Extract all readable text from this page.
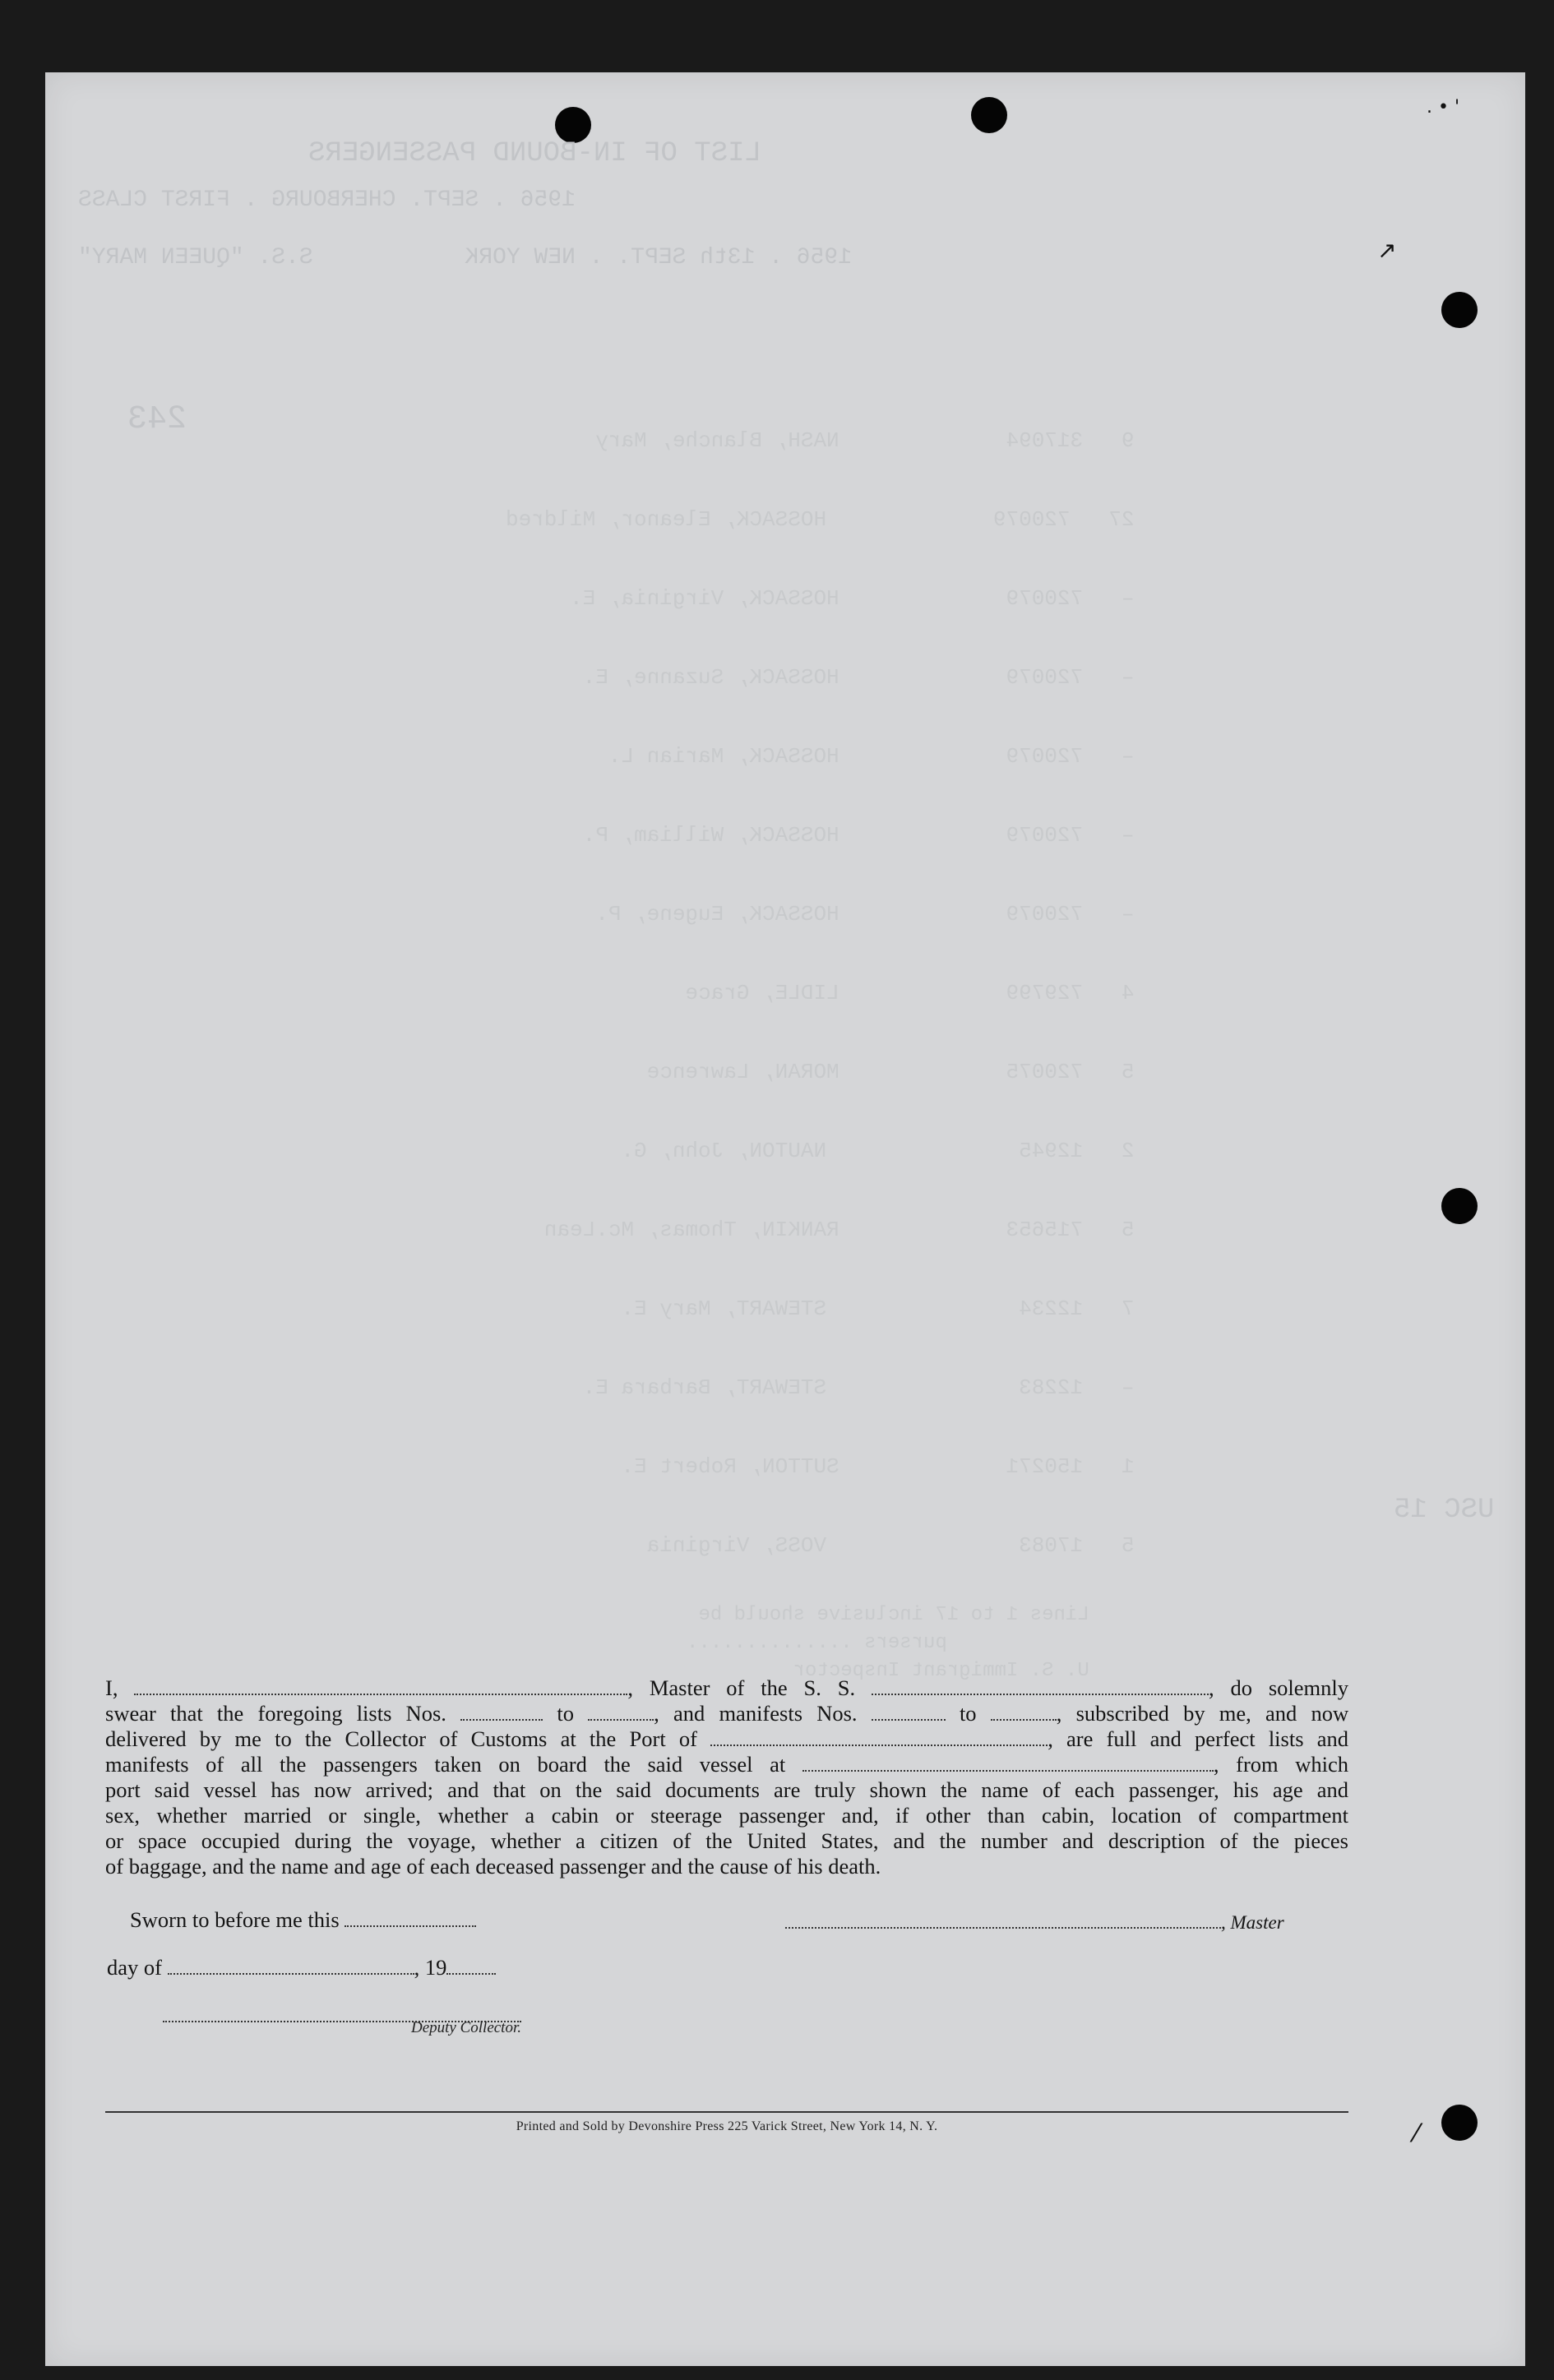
LIST OF IN-BOUND PASSENGERS
1956 . SEPT. CHERBOURG . FIRST CLASS
1956 . 13th SEPT. . NEW YORK           S.S. "QUEEN MARY"
243
9   317094             NASH, Blanche, Mary
27   720079             HOSSACK, Eleanor, Mildred
–   720079             HOSSACK, Virginia, E.
–   720079             HOSSACK, Suzanne, E.
–   720079             HOSSACK, Marian L.
–   720079             HOSSACK, William, P.
–   720079             HOSSACK, Eugene, P.
4   729799             LIDLE, Grace
5   720075             MORAN, Lawrence
2   12945               NAUTON, John, G.
5   715653             RANKIN, Thomas, Mc.Lean
7   12234               STEWART, Mary E.
–   12283               STEWART, Barbara E.
1   150271             SUTTON, Robert E.
5   17083               VOSS, Virginia
USC 15
Lines 1 to 17 inclusive should be
pursers ..............
U. S. Immigrant Inspector
. • '
↗
⁄
I,	, Master of the S. S.	, do solemnly
swear that the foregoing lists Nos.	to	, and manifests Nos.	to	, subscribed by me, and now
delivered by me to the Collector of Customs at the Port of	, are full and perfect lists and
manifests of all the passengers taken on board the said vessel at	, from which
port said vessel has now arrived; and that on the said documents are truly shown the name of each passenger, his age and
sex, whether married or single, whether a cabin or steerage passenger and, if other than cabin, location of compartment
or space occupied during the voyage, whether a citizen of the United States, and the number and description of the pieces
of baggage, and the name and age of each deceased passenger and the cause of his death.
Sworn to before me this	, Master
day of	, 19
Deputy Collector.
Printed and Sold by Devonshire Press 225 Varick Street, New York 14, N. Y.
